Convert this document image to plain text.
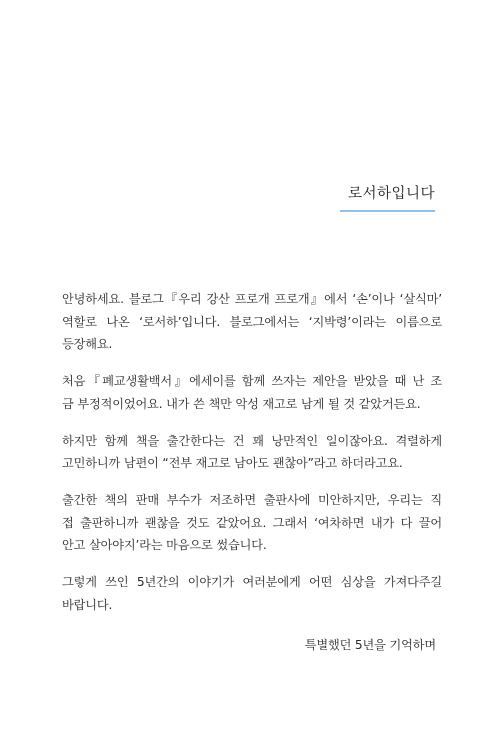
로서하입니다

안녕하세요. 블로그『우리 강산 프로개 프로개』에서 ‘손’이나 ‘살식마’
역할로 나온 ‘로서하’입니다. 블로그에서는 ‘지박령’이라는 이름으로
등장해요.

처음『폐교생활백서』에세이를 함께 쓰자는 제안을 받았을 때 난 조
금 부정적이었어요. 내가 쓴 책만 악성 재고로 남게 될 것 같았거든요.

하지만 함께 책을 출간한다는 건 꽤 낭만적인 일이잖아요. 격렬하게
고민하니까 남편이 “전부 재고로 남아도 괜찮아”라고 하더라고요.

출간한 책의 판매 부수가 저조하면 출판사에 미안하지만, 우리는 직
접 출판하니까 괜찮을 것도 같았어요. 그래서 ‘여차하면 내가 다 끌어
안고 살아야지’라는 마음으로 썼습니다.

그렇게 쓰인 5년간의 이야기가 여러분에게 어떤 심상을 가져다주길
바랍니다.

특별했던 5년을 기억하며
